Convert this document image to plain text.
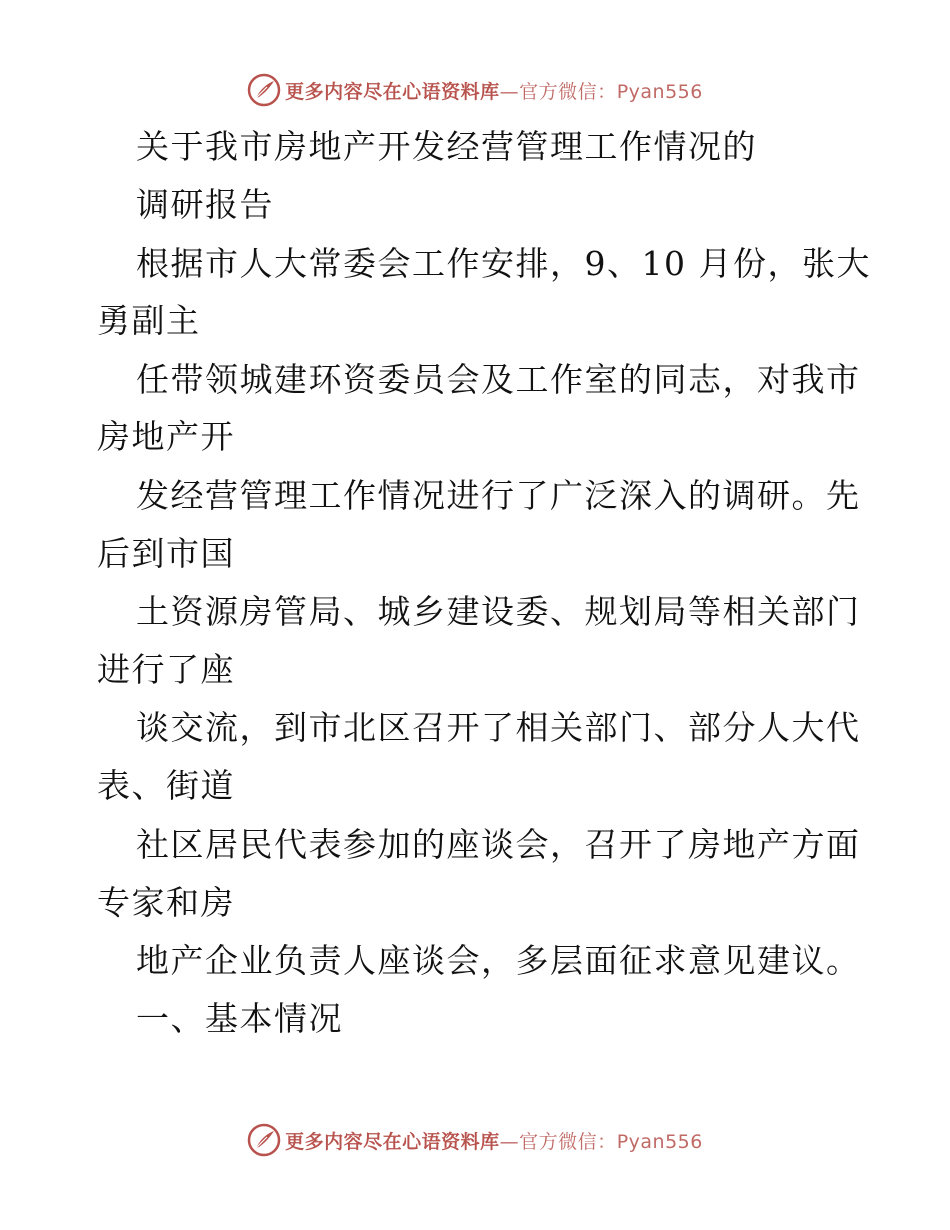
更多内容尽在心语资料库—官方微信：Pyan556
关于我市房地产开发经营管理工作情况的
调研报告
根据市人大常委会工作安排，9、10 月份，张大
勇副主
任带领城建环资委员会及工作室的同志，对我市
房地产开
发经营管理工作情况进行了广泛深入的调研。先
后到市国
土资源房管局、城乡建设委、规划局等相关部门
进行了座
谈交流，到市北区召开了相关部门、部分人大代
表、街道
社区居民代表参加的座谈会，召开了房地产方面
专家和房
地产企业负责人座谈会，多层面征求意见建议。
一、基本情况
更多内容尽在心语资料库—官方微信：Pyan556
